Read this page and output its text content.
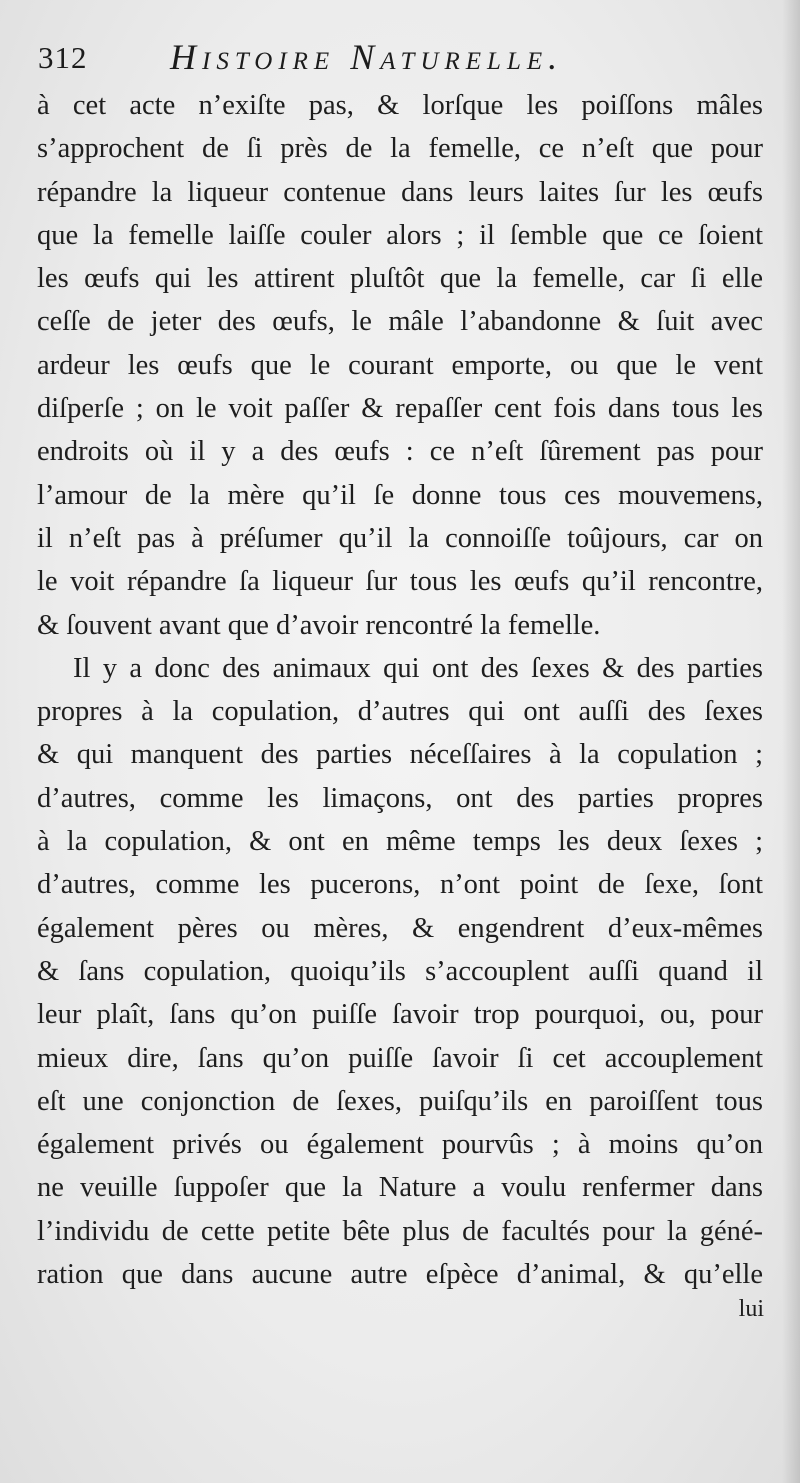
312 Histoire Naturelle.
à cet acte n’exiſte pas, & lorſque les poiſſons mâles
s’approchent de ſi près de la femelle, ce n’eſt que pour
répandre la liqueur contenue dans leurs laites ſur les œufs
que la femelle laiſſe couler alors ; il ſemble que ce ſoient
les œufs qui les attirent pluſtôt que la femelle, car ſi elle
ceſſe de jeter des œufs, le mâle l’abandonne & ſuit avec
ardeur les œufs que le courant emporte, ou que le vent
diſperſe ; on le voit paſſer & repaſſer cent fois dans tous les
endroits où il y a des œufs : ce n’eſt ſûrement pas pour
l’amour de la mère qu’il ſe donne tous ces mouvemens,
il n’eſt pas à préſumer qu’il la connoiſſe toûjours, car on
le voit répandre ſa liqueur ſur tous les œufs qu’il rencontre,
& ſouvent avant que d’avoir rencontré la femelle.
Il y a donc des animaux qui ont des ſexes & des parties
propres à la copulation, d’autres qui ont auſſi des ſexes
& qui manquent des parties néceſſaires à la copulation ;
d’autres, comme les limaçons, ont des parties propres
à la copulation, & ont en même temps les deux ſexes ;
d’autres, comme les pucerons, n’ont point de ſexe, ſont
également pères ou mères, & engendrent d’eux-mêmes
& ſans copulation, quoiqu’ils s’accouplent auſſi quand il
leur plaît, ſans qu’on puiſſe ſavoir trop pourquoi, ou, pour
mieux dire, ſans qu’on puiſſe ſavoir ſi cet accouplement
eſt une conjonction de ſexes, puiſqu’ils en paroiſſent tous
également privés ou également pourvûs ; à moins qu’on
ne veuille ſuppoſer que la Nature a voulu renfermer dans
l’individu de cette petite bête plus de facultés pour la géné-
ration que dans aucune autre eſpèce d’animal, & qu’elle
lui
